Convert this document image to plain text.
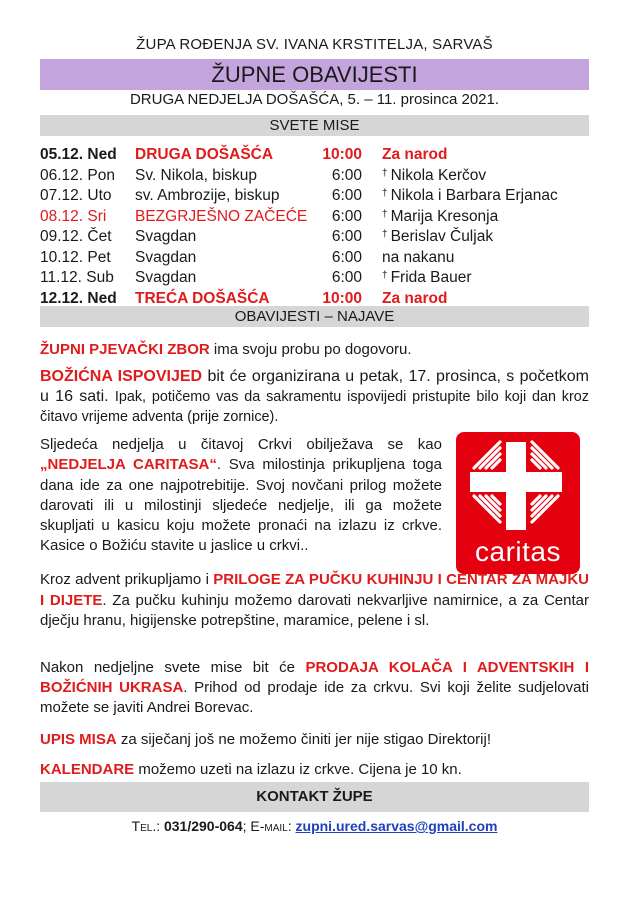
ŽUPA ROĐENJA SV. IVANA KRSTITELJA, SARVAŠ
ŽUPNE OBAVIJESTI
DRUGA NEDJELJA DOŠAŠĆA, 5. – 11. prosinca 2021.
SVETE MISE
05.12. Ned DRUGA DOŠAŠĆA	10:00 Za narod
06.12. Pon Sv. Nikola, biskup	6:00 † Nikola Kerčov
07.12. Uto sv. Ambrozije, biskup	6:00 † Nikola i Barbara Erjanac
08.12. Sri BEZGRJEŠNO ZAČEĆE	6:00 † Marija Kresonja
09.12. Čet Svagdan	6:00 † Berislav Čuljak
10.12. Pet Svagdan	6:00 na nakanu
11.12. Sub Svagdan	6:00 † Frida Bauer
12.12. Ned TREĆA DOŠAŠĆA	10:00 Za narod
OBAVIJESTI – NAJAVE
ŽUPNI PJEVAČKI ZBOR ima svoju probu po dogovoru.
BOŽIĆNA ISPOVIJED bit će organizirana u petak, 17. prosinca, s početkom u 16 sati. Ipak, potičemo vas da sakramentu ispovijedi pristupite bilo koji dan kroz čitavo vrijeme adventa (prije zornice).
Sljedeća nedjelja u čitavoj Crkvi obilježava se kao „NEDJELJA CARITASA“. Sva milostinja prikupljena toga dana ide za one najpotrebitije. Svoj novčani prilog možete darovati ili u milostinji sljedeće nedjelje, ili ga možete skupljati u kasicu koju možete pronaći na izlazu iz crkve. Kasice o Božiću stavite u jaslice u crkvi..	caritas
Kroz advent prikupljamo i PRILOGE ZA PUČKU KUHINJU I CENTAR ZA MAJKU I DIJETE. Za pučku kuhinju možemo darovati nekvarljive namirnice, a za Centar dječju hranu, higijenske potrepštine, maramice, pelene i sl.
Nakon nedjeljne svete mise bit će PRODAJA KOLAČA I ADVENTSKIH I BOŽIĆNIH UKRASA. Prihod od prodaje ide za crkvu. Svi koji želite sudjelovati možete se javiti Andrei Borevac.
UPIS MISA za siječanj još ne možemo činiti jer nije stigao Direktorij!
KALENDARE možemo uzeti na izlazu iz crkve. Cijena je 10 kn.
KONTAKT ŽUPE
Tel.: 031/290-064; E-mail: zupni.ured.sarvas@gmail.com
